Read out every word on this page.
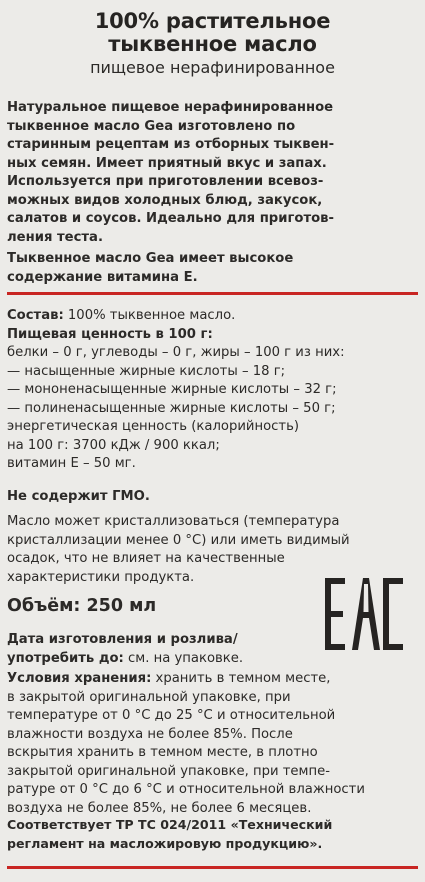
100% растительное
тыквенное масло
пищевое нерафинированное
Натуральное пищевое нерафинированное
тыквенное масло Gea изготовлено по
старинным рецептам из отборных тыквен-
ных семян. Имеет приятный вкус и запах.
Используется при приготовлении всевоз-
можных видов холодных блюд, закусок,
салатов и соусов. Идеально для приготов-
ления теста.
Тыквенное масло Gea имеет высокое
содержание витамина E.
Состав: 100% тыквенное масло.
Пищевая ценность в 100 г:
белки – 0 г, углеводы – 0 г, жиры – 100 г из них:
— насыщенные жирные кислоты – 18 г;
— мононенасыщенные жирные кислоты – 32 г;
— полиненасыщенные жирные кислоты – 50 г;
энергетическая ценность (калорийность)
на 100 г: 3700 кДж / 900 ккал;
витамин E – 50 мг.
Не содержит ГМО.
Масло может кристаллизоваться (температура
кристаллизации менее 0 °С) или иметь видимый
осадок, что не влияет на качественные
характеристики продукта.
Объём: 250 мл
Дата изготовления и розлива/
употребить до: см. на упаковке.
Условия хранения: хранить в темном месте,
в закрытой оригинальной упаковке, при
температуре от 0 °С до 25 °С и относительной
влажности воздуха не более 85%. После
вскрытия хранить в темном месте, в плотно
закрытой оригинальной упаковке, при темпе-
ратуре от 0 °С до 6 °С и относительной влажности
воздуха не более 85%, не более 6 месяцев.
Соответствует ТР ТС 024/2011 «Технический
регламент на масложировую продукцию».
